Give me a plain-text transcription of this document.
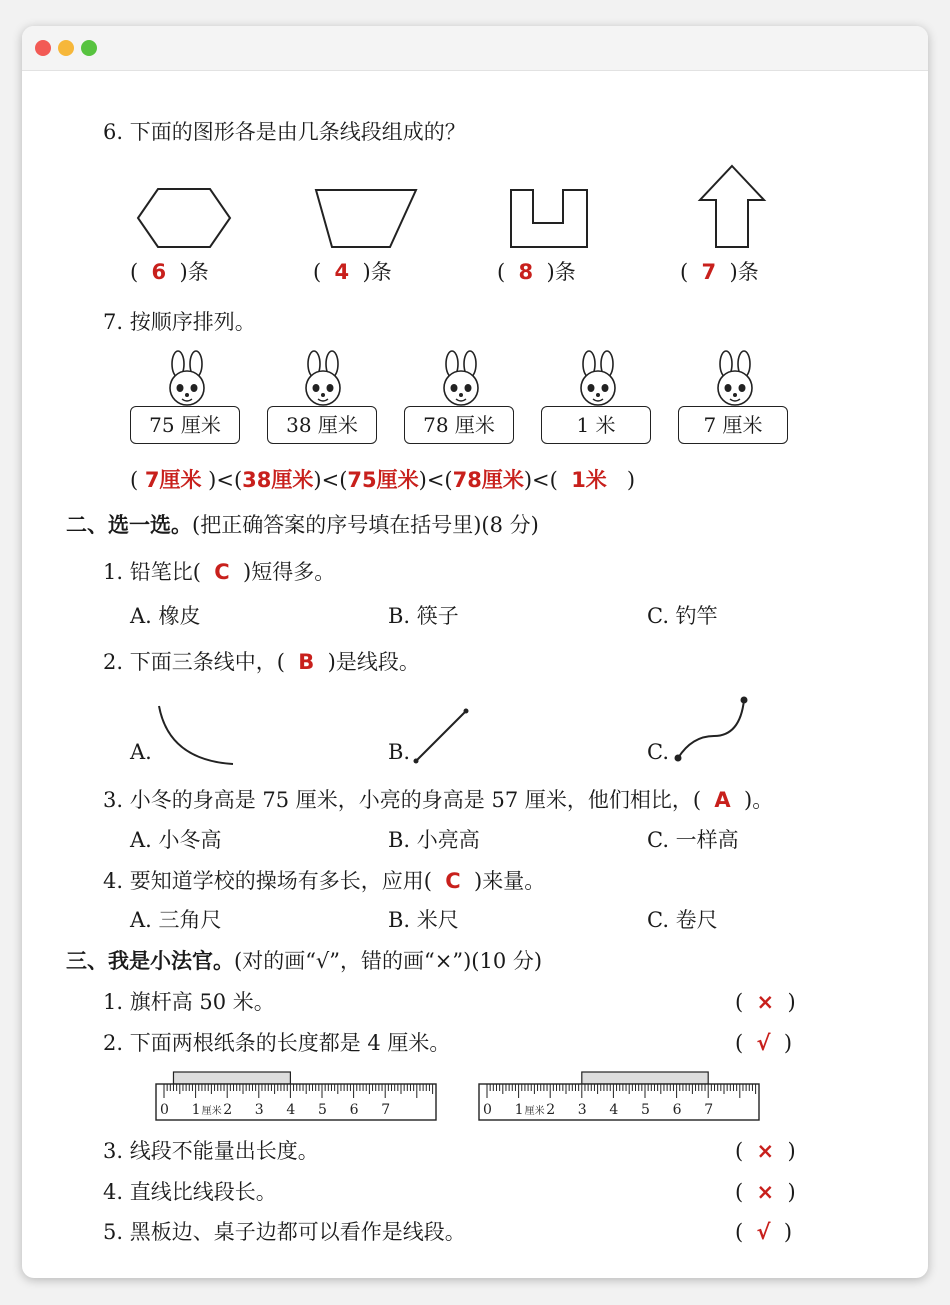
6. 下面的图形各是由几条线段组成的？
(  6  )条	(  4  )条	(  8  )条	(  7  )条
7. 按顺序排列。
75 厘米	38 厘米	78 厘米	1 米	7 厘米
( 7厘米 )<(38厘米)<(75厘米)<(78厘米)<(  1米   )
二、选一选。(把正确答案的序号填在括号里)(8 分)
1. 铅笔比( C )短得多。
A. 橡皮	B. 筷子	C. 钓竿
2. 下面三条线中，( B )是线段。
A.	B.	C.
3. 小冬的身高是 75 厘米，小亮的身高是 57 厘米，他们相比，( A )。
A. 小冬高	B. 小亮高	C. 一样高
4. 要知道学校的操场有多长，应用( C )来量。
A. 三角尺	B. 米尺	C. 卷尺
三、我是小法官。(对的画“√”，错的画“×”)(10 分)
1. 旗杆高 50 米。	(  ×  )
2. 下面两根纸条的长度都是 4 厘米。	(  √  )
0 1 2 3 4 5 6 7
厘米	0 1 2 3 4 5 6 7
厘米
3. 线段不能量出长度。	(  ×  )
4. 直线比线段长。	(  ×  )
5. 黑板边、桌子边都可以看作是线段。	(  √  )
